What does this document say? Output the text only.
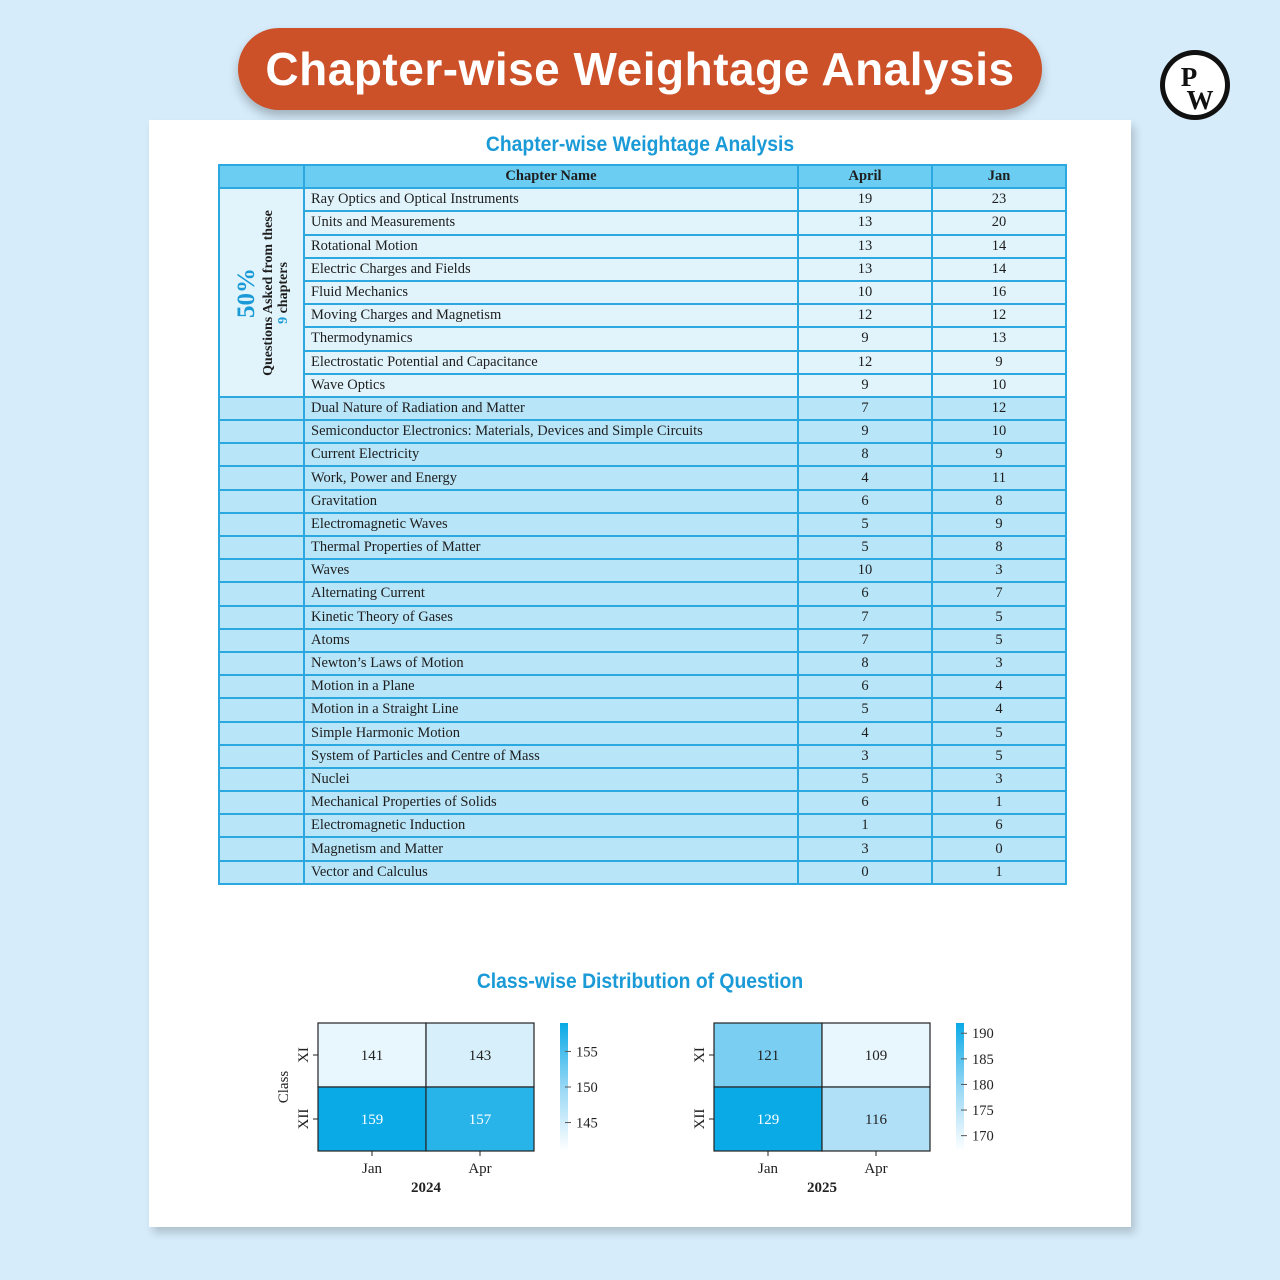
Chapter-wise Weightage Analysis	P
W
Chapter-wise Weightage Analysis
	Chapter Name	April	Jan

50% Questions Asked from these 9 chapters	Ray Optics and Optical Instruments	19	23
	Units and Measurements	13	20
	Rotational Motion	13	14
	Electric Charges and Fields	13	14
	Fluid Mechanics	10	16
	Moving Charges and Magnetism	12	12
	Thermodynamics	9	13
	Electrostatic Potential and Capacitance	12	9
	Wave Optics	9	10
	Dual Nature of Radiation and Matter	7	12
	Semiconductor Electronics: Materials, Devices and Simple Circuits	9	10
	Current Electricity	8	9
	Work, Power and Energy	4	11
	Gravitation	6	8
	Electromagnetic Waves	5	9
	Thermal Properties of Matter	5	8
	Waves	10	3
	Alternating Current	6	7
	Kinetic Theory of Gases	7	5
	Atoms	7	5
	Newton’s Laws of Motion	8	3
	Motion in a Plane	6	4
	Motion in a Straight Line	5	4
	Simple Harmonic Motion	4	5
	System of Particles and Centre of Mass	3	5
	Nuclei	5	3
	Mechanical Properties of Solids	6	1
	Electromagnetic Induction	1	6
	Magnetism and Matter	3	0
	Vector and Calculus	0	1
Class-wise Distribution of Question
141	143
159	157
XI
XII
Jan	Apr
2024
Class
145
150
155	121	109
129	116
XI
XII
Jan	Apr
2025
170
175
180
185
190
